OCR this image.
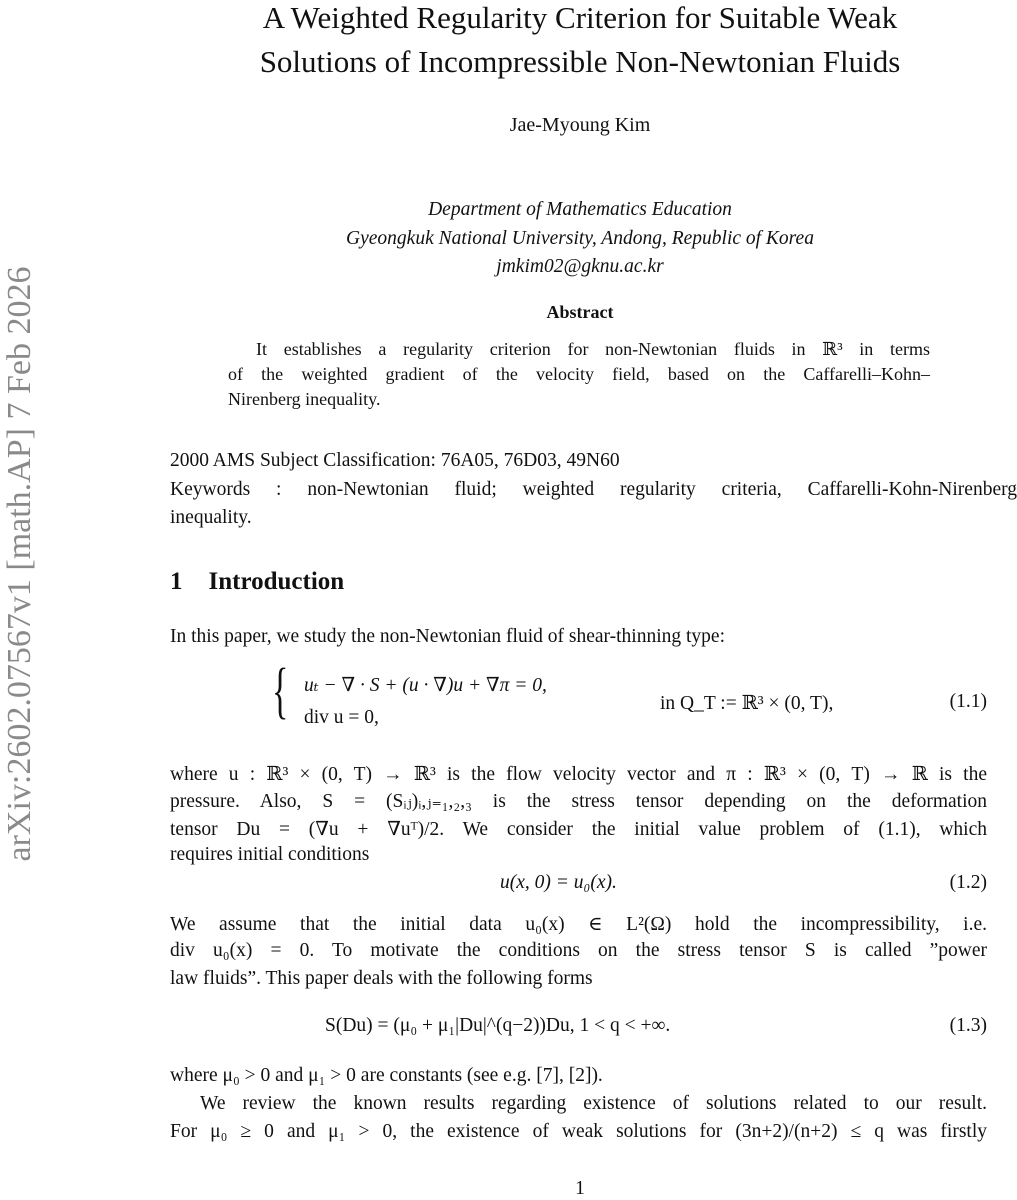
arXiv:2602.07567v1 [math.AP] 7 Feb 2026
A Weighted Regularity Criterion for Suitable Weak
Solutions of Incompressible Non-Newtonian Fluids
Jae-Myoung Kim
Department of Mathematics Education
Gyeongkuk National University, Andong, Republic of Korea
jmkim02@gknu.ac.kr
Abstract
It establishes a regularity criterion for non-Newtonian fluids in ℝ³ in terms
of the weighted gradient of the velocity field, based on the Caffarelli–Kohn–
Nirenberg inequality.
2000 AMS Subject Classification: 76A05, 76D03, 49N60
Keywords : non-Newtonian fluid; weighted regularity criteria, Caffarelli-Kohn-Nirenberg
inequality.
1 Introduction
In this paper, we study the non-Newtonian fluid of shear-thinning type:
{ uₜ − ∇ · S + (u · ∇)u + ∇π = 0,
div u = 0,
in Q_T := ℝ³ × (0, T),	(1.1)
where u : ℝ³ × (0, T) → ℝ³ is the flow velocity vector and π : ℝ³ × (0, T) → ℝ is the
pressure. Also, S = (Sᵢⱼ)ᵢ,ⱼ₌₁,₂,₃ is the stress tensor depending on the deformation
tensor Du = (∇u + ∇uᵀ)/2. We consider the initial value problem of (1.1), which
requires initial conditions
u(x, 0) = u₀(x).	(1.2)
We assume that the initial data u₀(x) ∈ L²(Ω) hold the incompressibility, i.e.
div u₀(x) = 0. To motivate the conditions on the stress tensor S is called ”power
law fluids”. This paper deals with the following forms
S(Du) = (μ₀ + μ₁|Du|^(q−2))Du, 1 < q < +∞.	(1.3)
where μ₀ > 0 and μ₁ > 0 are constants (see e.g. [7], [2]).
We review the known results regarding existence of solutions related to our result.
For μ₀ ≥ 0 and μ₁ > 0, the existence of weak solutions for (3n+2)/(n+2) ≤ q was firstly
1
